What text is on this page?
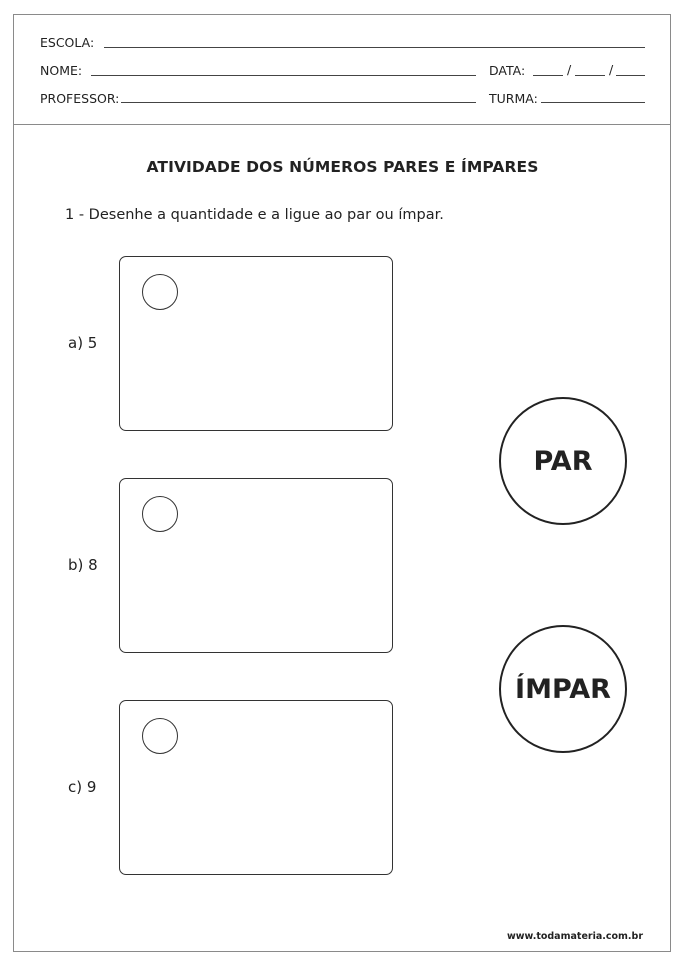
ESCOLA:
NOME:	DATA:	/	/
PROFESSOR:	TURMA:
ATIVIDADE DOS NÚMEROS PARES E ÍMPARES
1 - Desenhe a quantidade e a ligue ao par ou ímpar.
a) 5
b) 8
c) 9
PAR
ÍMPAR
www.todamateria.com.br
